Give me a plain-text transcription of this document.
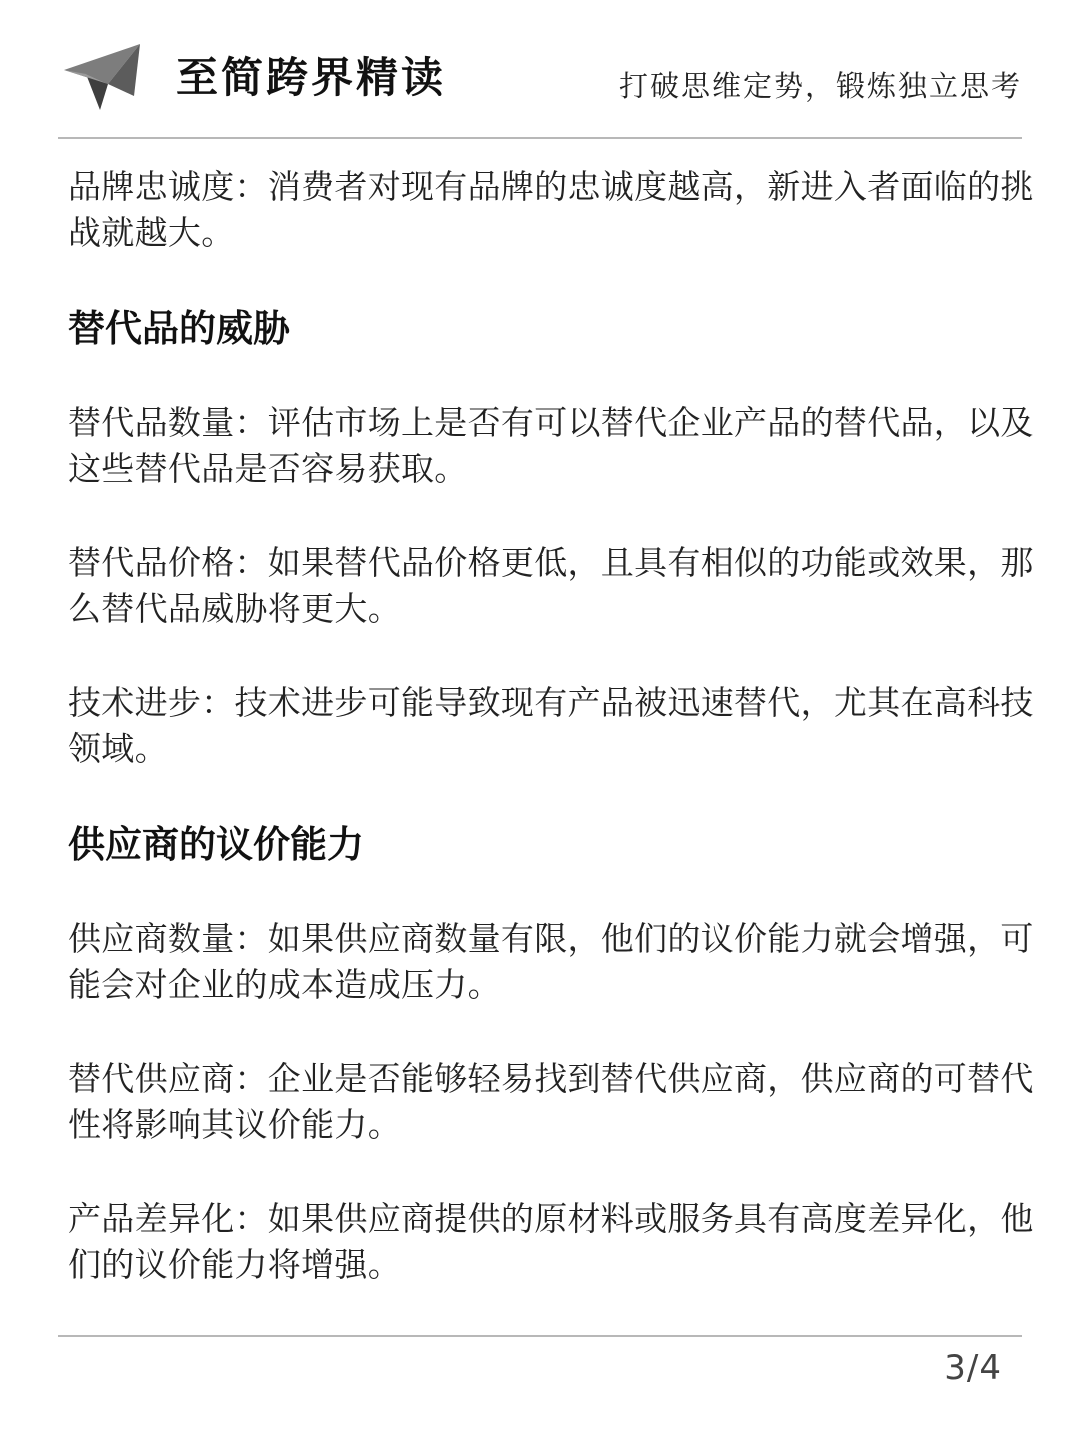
至简跨界精读	打破思维定势，锻炼独立思考

品牌忠诚度：消费者对现有品牌的忠诚度越高，新进入者面临的挑战就越大。

替代品的威胁

替代品数量：评估市场上是否有可以替代企业产品的替代品，以及这些替代品是否容易获取。

替代品价格：如果替代品价格更低，且具有相似的功能或效果，那么替代品威胁将更大。

技术进步：技术进步可能导致现有产品被迅速替代，尤其在高科技领域。

供应商的议价能力

供应商数量：如果供应商数量有限，他们的议价能力就会增强，可能会对企业的成本造成压力。

替代供应商：企业是否能够轻易找到替代供应商，供应商的可替代性将影响其议价能力。

产品差异化：如果供应商提供的原材料或服务具有高度差异化，他们的议价能力将增强。

3/4
